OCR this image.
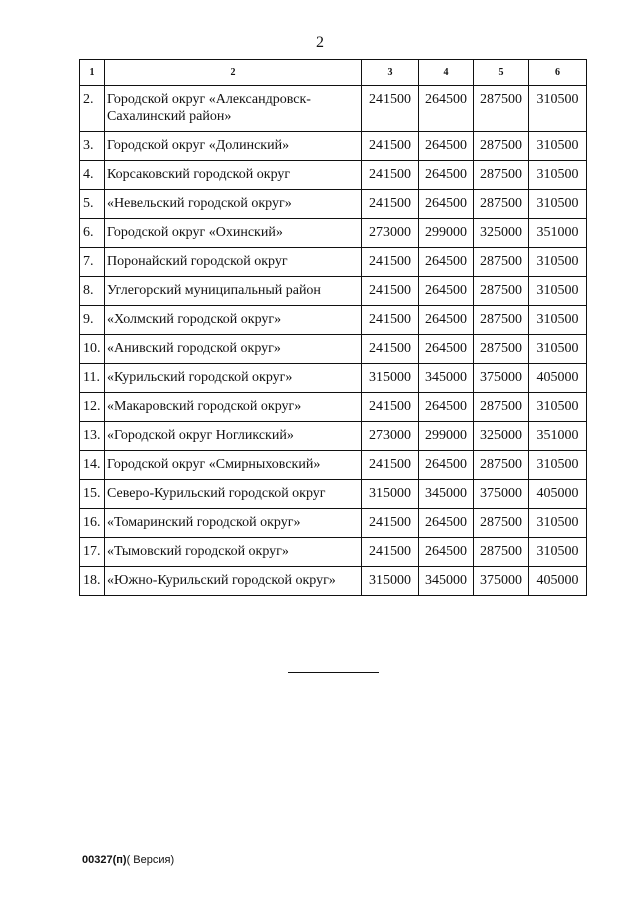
2
1	2	3	4	5	6
2.	Городской округ «Александровск-Сахалинский район»	241500	264500	287500	310500
3.	Городской округ «Долинский»	241500	264500	287500	310500
4.	Корсаковский городской округ	241500	264500	287500	310500
5.	«Невельский городской округ»	241500	264500	287500	310500
6.	Городской округ «Охинский»	273000	299000	325000	351000
7.	Поронайский городской округ	241500	264500	287500	310500
8.	Углегорский муниципальный район	241500	264500	287500	310500
9.	«Холмский городской округ»	241500	264500	287500	310500
10.	«Анивский городской округ»	241500	264500	287500	310500
11.	«Курильский городской округ»	315000	345000	375000	405000
12.	«Макаровский городской округ»	241500	264500	287500	310500
13.	«Городской округ Ногликский»	273000	299000	325000	351000
14.	Городской округ «Смирныховский»	241500	264500	287500	310500
15.	Северо-Курильский городской округ	315000	345000	375000	405000
16.	«Томаринский городской округ»	241500	264500	287500	310500
17.	«Тымовский городской округ»	241500	264500	287500	310500
18.	«Южно-Курильский городской округ»	315000	345000	375000	405000
00327(п)( Версия)
